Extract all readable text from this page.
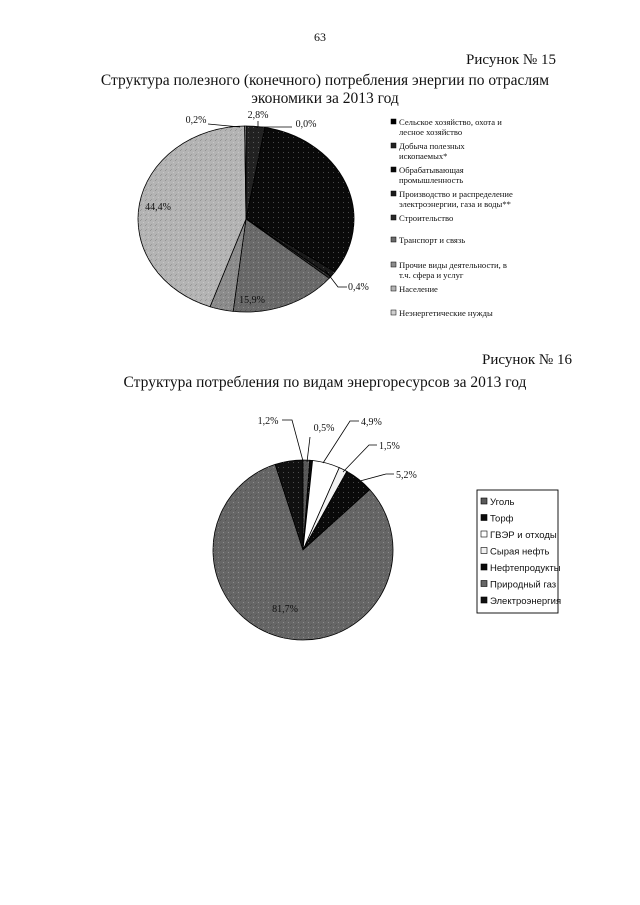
63
Рисунок № 15
Структура полезного (конечного) потребления энергии по отраслям
экономики за 2013 год
Рисунок № 16
Структура потребления по видам энергоресурсов за 2013 год
0,0%
2,8%
0,4%
15,9%
44,4%
0,2%	Сельское хозяйство, охота и
лесное хозяйство
Добыча полезных
ископаемых*
Обрабатывающая
промышленность
Производство и распределение
электроэнергии, газа и воды**
Строительство
Транспорт и связь
Прочие виды деятельности, в
т.ч. сфера и услуг
Население
Неэнергетические нужды
1,2%
0,5%
4,9%
1,5%
5,2%
81,7%
Уголь
Торф
ГВЭР и отходы
Сырая нефть
Нефтепродукты
Природный газ
Электроэнергия
